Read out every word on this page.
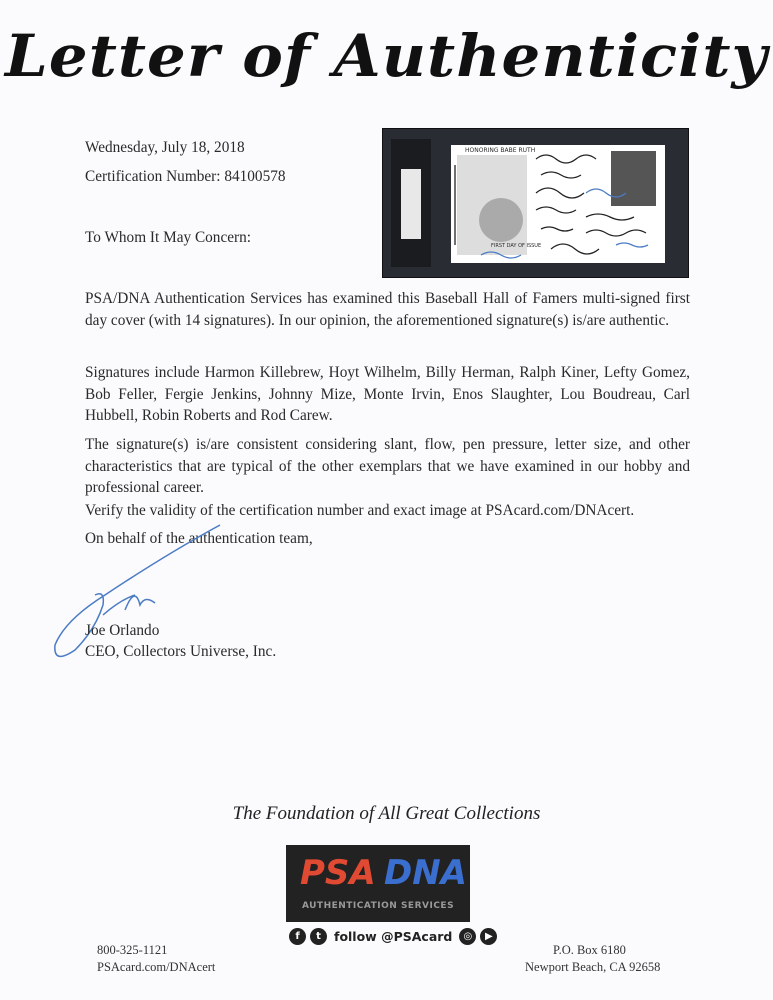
Letter of Authenticity
Wednesday, July 18, 2018
Certification Number: 84100578
HONORING BABE RUTH
FIRST DAY OF ISSUE
To Whom It May Concern:
PSA/DNA Authentication Services has examined this Baseball Hall of Famers multi-signed first day cover (with 14 signatures). In our opinion, the aforementioned signature(s) is/are authentic.
Signatures include Harmon Killebrew, Hoyt Wilhelm, Billy Herman, Ralph Kiner, Lefty Gomez, Bob Feller, Fergie Jenkins, Johnny Mize, Monte Irvin, Enos Slaughter, Lou Boudreau, Carl Hubbell, Robin Roberts and Rod Carew.
The signature(s) is/are consistent considering slant, flow, pen pressure, letter size, and other characteristics that are typical of the other exemplars that we have examined in our hobby and professional career.
Verify the validity of the certification number and exact image at PSAcard.com/DNAcert.
On behalf of the authentication team,
Joe Orlando
CEO, Collectors Universe, Inc.
The Foundation of All Great Collections
PSA DNA
AUTHENTICATION SERVICES
f	t	follow @PSAcard	◎	▶
800-325-1121
PSAcard.com/DNAcert
P.O. Box 6180
Newport Beach, CA 92658
